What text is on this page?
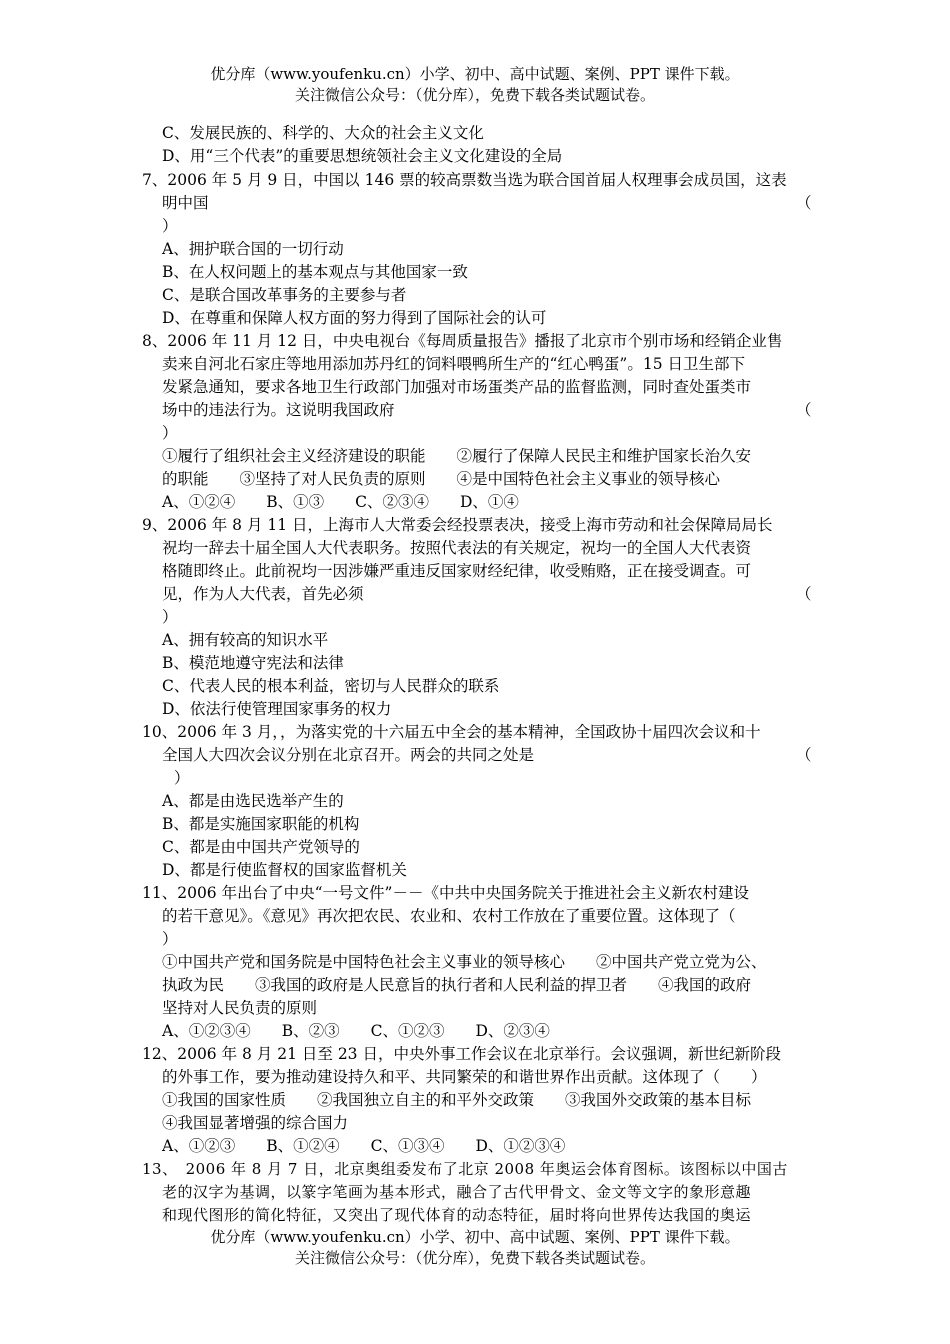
优分库（www.youfenku.cn）小学、初中、高中试题、案例、PPT 课件下载。
关注微信公众号：（优分库），免费下载各类试题试卷。
C、发展民族的、科学的、大众的社会主义文化
D、用“三个代表”的重要思想统领社会主义文化建设的全局
7、2006 年 5 月 9 日，中国以 146 票的较高票数当选为联合国首届人权理事会成员国，这表
明中国	（
）
A、拥护联合国的一切行动
B、在人权问题上的基本观点与其他国家一致
C、是联合国改革事务的主要参与者
D、在尊重和保障人权方面的努力得到了国际社会的认可
8、2006 年 11 月 12 日，中央电视台《每周质量报告》播报了北京市个别市场和经销企业售
卖来自河北石家庄等地用添加苏丹红的饲料喂鸭所生产的“红心鸭蛋”。15 日卫生部下
发紧急通知，要求各地卫生行政部门加强对市场蛋类产品的监督监测，同时查处蛋类市
场中的违法行为。这说明我国政府	（
）
①履行了组织社会主义经济建设的职能　　②履行了保障人民民主和维护国家长治久安
的职能　　③坚持了对人民负责的原则　　④是中国特色社会主义事业的领导核心
A、①②④　　B、①③　　C、②③④　　D、①④
9、2006 年 8 月 11 日，上海市人大常委会经投票表决，接受上海市劳动和社会保障局局长
祝均一辞去十届全国人大代表职务。按照代表法的有关规定，祝均一的全国人大代表资
格随即终止。此前祝均一因涉嫌严重违反国家财经纪律，收受贿赂，正在接受调查。可
见，作为人大代表，首先必须	（
）
A、拥有较高的知识水平
B、模范地遵守宪法和法律
C、代表人民的根本利益，密切与人民群众的联系
D、依法行使管理国家事务的权力
10、2006 年 3 月，，为落实党的十六届五中全会的基本精神，全国政协十届四次会议和十
全国人大四次会议分别在北京召开。两会的共同之处是	（
）
A、都是由选民选举产生的
B、都是实施国家职能的机构
C、都是由中国共产党领导的
D、都是行使监督权的国家监督机关
11、2006 年出台了中央“一号文件”－－《中共中央国务院关于推进社会主义新农村建设
的若干意见》。《意见》再次把农民、农业和、农村工作放在了重要位置。这体现了（
）
①中国共产党和国务院是中国特色社会主义事业的领导核心　　②中国共产党立党为公、
执政为民　　③我国的政府是人民意旨的执行者和人民利益的捍卫者　　④我国的政府
坚持对人民负责的原则
A、①②③④　　B、②③　　C、①②③　　D、②③④
12、2006 年 8 月 21 日至 23 日，中央外事工作会议在北京举行。会议强调，新世纪新阶段
的外事工作，要为推动建设持久和平、共同繁荣的和谐世界作出贡献。这体现了（　　）
①我国的国家性质　　②我国独立自主的和平外交政策　　③我国外交政策的基本目标
④我国显著增强的综合国力
A、①②③　　B、①②④　　C、①③④　　D、①②③④
13、　2006 年 8 月 7 日，北京奥组委发布了北京 2008 年奥运会体育图标。该图标以中国古
老的汉字为基调，以篆字笔画为基本形式，融合了古代甲骨文、金文等文字的象形意趣
和现代图形的简化特征，又突出了现代体育的动态特征，届时将向世界传达我国的奥运
优分库（www.youfenku.cn）小学、初中、高中试题、案例、PPT 课件下载。
关注微信公众号：（优分库），免费下载各类试题试卷。
